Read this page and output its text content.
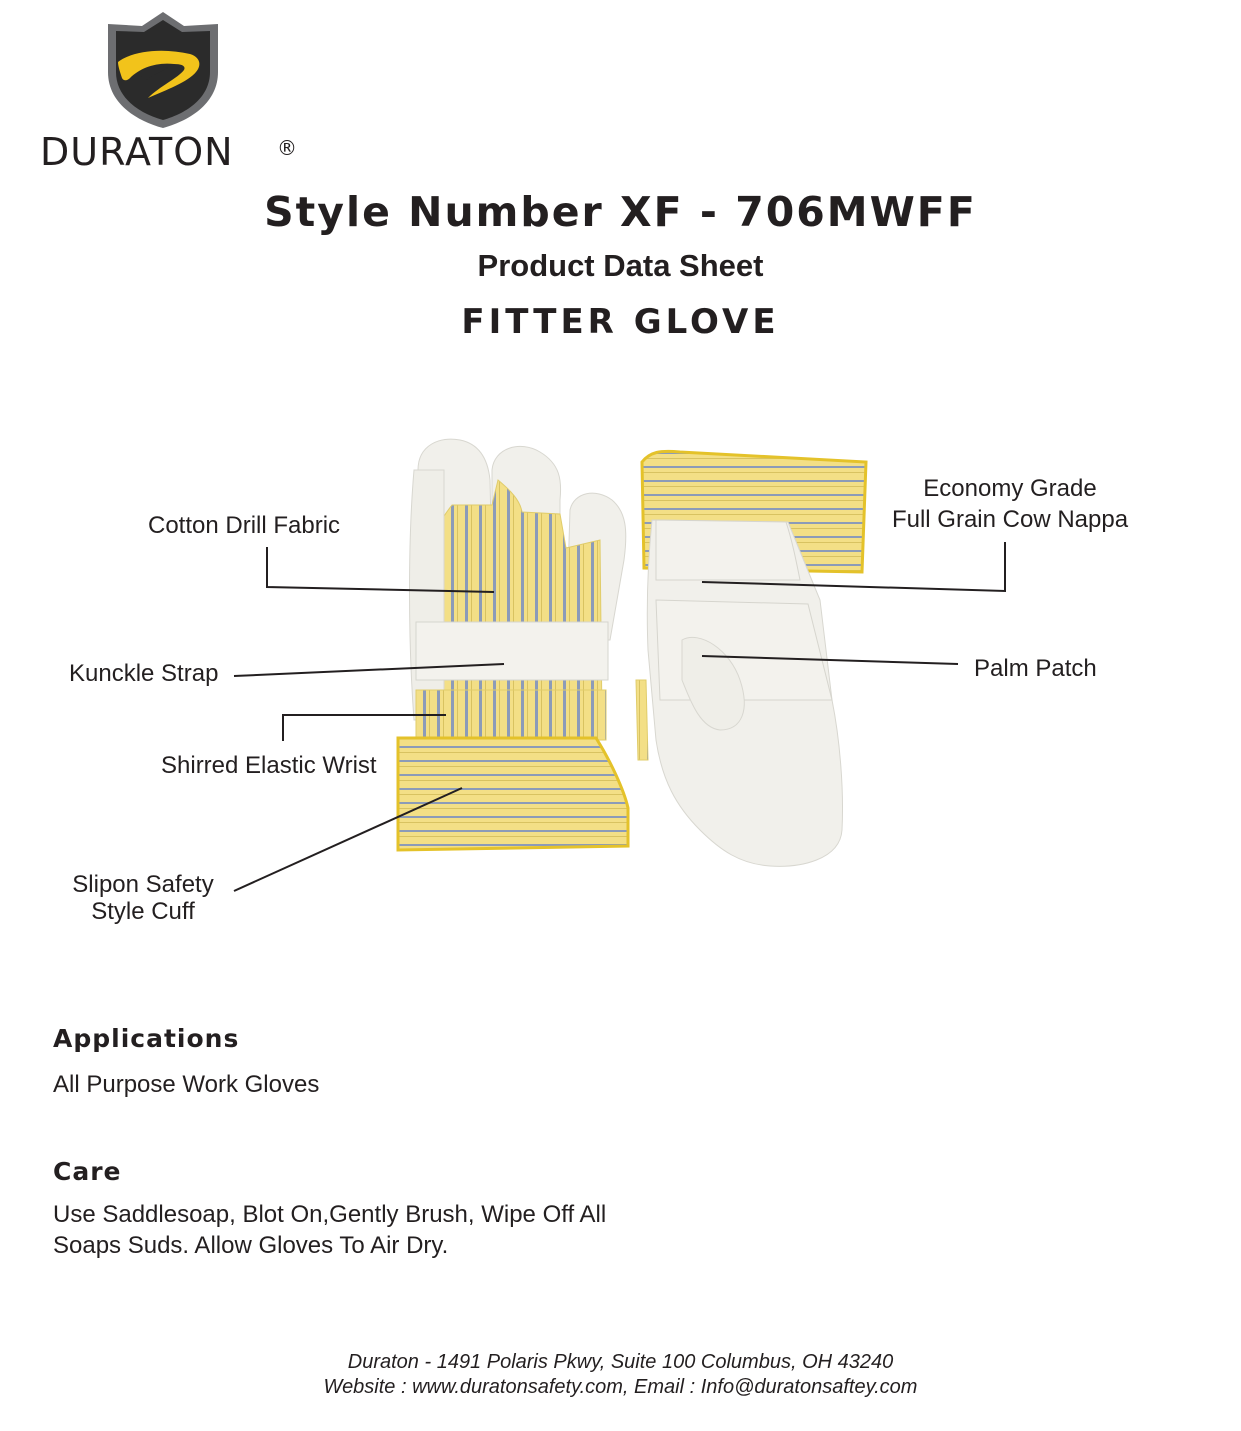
DURATON ®
Style Number XF - 706MWFF
Product Data Sheet
FITTER GLOVE
Cotton Drill Fabric
Kunckle Strap
Shirred Elastic Wrist
Slipon Safety
Style Cuff
Economy Grade
Full Grain Cow Nappa
Palm Patch
Applications
All Purpose Work Gloves
Care
Use Saddlesoap, Blot On,Gently Brush, Wipe Off All
Soaps Suds. Allow Gloves To Air Dry.
Duraton - 1491 Polaris Pkwy, Suite 100 Columbus, OH 43240
Website : www.duratonsafety.com, Email : Info@duratonsaftey.com
